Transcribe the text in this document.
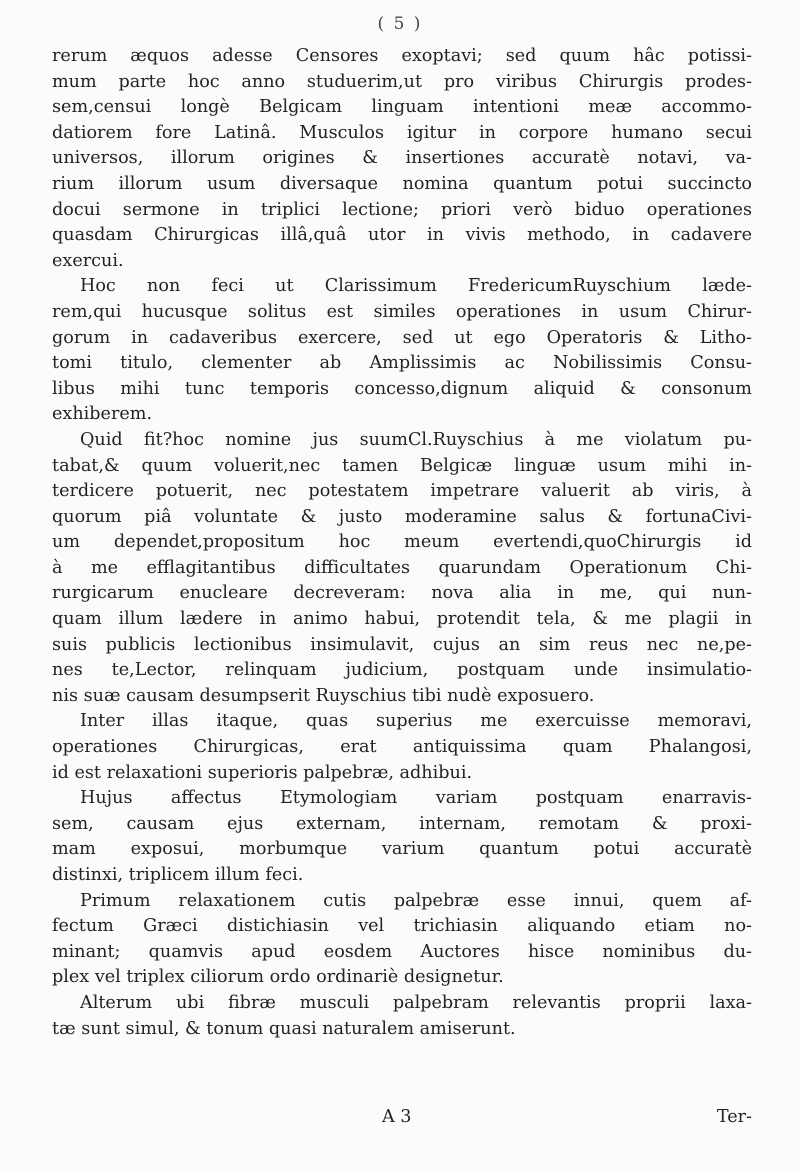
( 5 )
rerum æquos adesse Censores exoptavi; sed quum hâc potissi-
mum parte hoc anno studuerim,ut pro viribus Chirurgis prodes-
sem,censui longè Belgicam linguam intentioni meæ accommo-
datiorem fore Latinâ. Musculos igitur in corpore humano secui
universos, illorum origines & insertiones accuratè notavi, va-
rium illorum usum diversaque nomina quantum potui succincto
docui sermone in triplici lectione; priori verò biduo operationes
quasdam Chirurgicas illâ,quâ utor in vivis methodo, in cadavere
exercui.
Hoc non feci ut Clarissimum FredericumRuyschium læde-
rem,qui hucusque solitus est similes operationes in usum Chirur-
gorum in cadaveribus exercere, sed ut ego Operatoris & Litho-
tomi titulo, clementer ab Amplissimis ac Nobilissimis Consu-
libus mihi tunc temporis concesso,dignum aliquid & consonum
exhiberem.
Quid fit?hoc nomine jus suumCl.Ruyschius à me violatum pu-
tabat,& quum voluerit,nec tamen Belgicæ linguæ usum mihi in-
terdicere potuerit, nec potestatem impetrare valuerit ab viris, à
quorum piâ voluntate & justo moderamine salus & fortunaCivi-
um dependet,propositum hoc meum evertendi,quoChirurgis id
à me efflagitantibus difficultates quarundam Operationum Chi-
rurgicarum enucleare decreveram: nova alia in me, qui nun-
quam illum lædere in animo habui, protendit tela, & me plagii in
suis publicis lectionibus insimulavit, cujus an sim reus nec ne,pe-
nes te,Lector, relinquam judicium, postquam unde insimulatio-
nis suæ causam desumpserit Ruyschius tibi nudè exposuero.
Inter illas itaque, quas superius me exercuisse memoravi,
operationes Chirurgicas, erat antiquissima quam Phalangosi,
id est relaxationi superioris palpebræ, adhibui.
Hujus affectus Etymologiam variam postquam enarravis-
sem, causam ejus externam, internam, remotam & proxi-
mam exposui, morbumque varium quantum potui accuratè
distinxi, triplicem illum feci.
Primum relaxationem cutis palpebræ esse innui, quem af-
fectum Græci distichiasin vel trichiasin aliquando etiam no-
minant; quamvis apud eosdem Auctores hisce nominibus du-
plex vel triplex ciliorum ordo ordinariè designetur.
Alterum ubi fibræ musculi palpebram relevantis proprii laxa-
tæ sunt simul, & tonum quasi naturalem amiserunt.
A 3	Ter-
